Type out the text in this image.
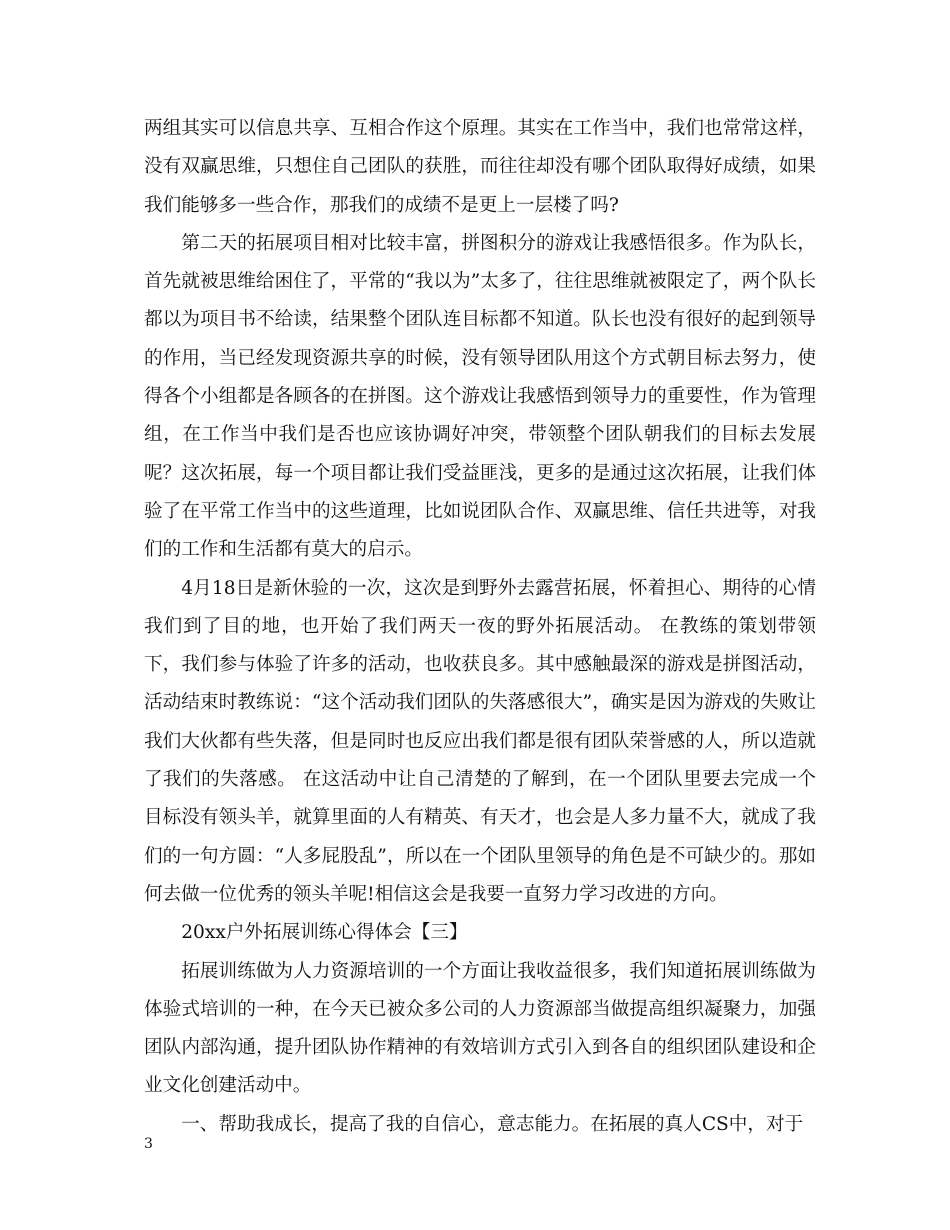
两组其实可以信息共享、互相合作这个原理。其实在工作当中，我们也常常这样，没有双赢思维，只想住自己团队的获胜，而往往却没有哪个团队取得好成绩，如果我们能够多一些合作，那我们的成绩不是更上一层楼了吗?

第二天的拓展项目相对比较丰富，拼图积分的游戏让我感悟很多。作为队长，首先就被思维给困住了，平常的“我以为”太多了，往往思维就被限定了，两个队长都以为项目书不给读，结果整个团队连目标都不知道。队长也没有很好的起到领导的作用，当已经发现资源共享的时候，没有领导团队用这个方式朝目标去努力，使得各个小组都是各顾各的在拼图。这个游戏让我感悟到领导力的重要性，作为管理组，在工作当中我们是否也应该协调好冲突，带领整个团队朝我们的目标去发展呢？这次拓展，每一个项目都让我们受益匪浅，更多的是通过这次拓展，让我们体验了在平常工作当中的这些道理，比如说团队合作、双赢思维、信任共进等，对我们的工作和生活都有莫大的启示。

4月18日是新休验的一次，这次是到野外去露营拓展，怀着担心、期待的心情我们到了目的地，也开始了我们两天一夜的野外拓展活动。 在教练的策划带领下，我们参与体验了许多的活动，也收获良多。其中感触最深的游戏是拼图活动，活动结束时教练说：“这个活动我们团队的失落感很大”，确实是因为游戏的失败让我们大伙都有些失落，但是同时也反应出我们都是很有团队荣誉感的人，所以造就了我们的失落感。 在这活动中让自己清楚的了解到，在一个团队里要去完成一个目标没有领头羊，就算里面的人有精英、有天才，也会是人多力量不大，就成了我们的一句方圆：“人多屁股乱”，所以在一个团队里领导的角色是不可缺少的。那如何去做一位优秀的领头羊呢!相信这会是我要一直努力学习改进的方向。

20xx户外拓展训练心得体会【三】

拓展训练做为人力资源培训的一个方面让我收益很多，我们知道拓展训练做为体验式培训的一种，在今天已被众多公司的人力资源部当做提高组织凝聚力，加强团队内部沟通，提升团队协作精神的有效培训方式引入到各自的组织团队建设和企业文化创建活动中。

一、帮助我成长，提高了我的自信心，意志能力。在拓展的真人CS中，对于

3
